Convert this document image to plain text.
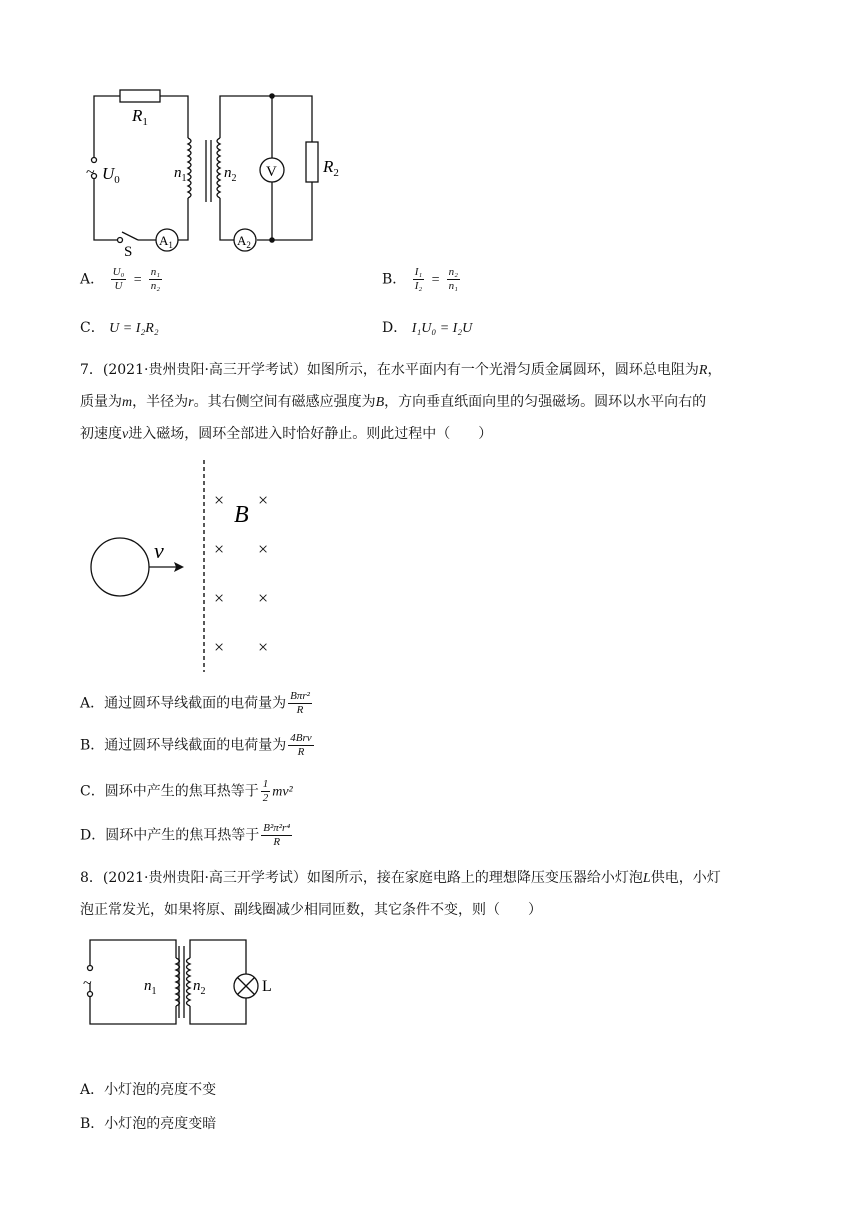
$R_1$
~ $U_0$	$n_1$	$n_2$ V	$R_2$
S
$A_1$	$A_2$
A． $\frac{\text{U₀}}{U} = \frac{\text{n₁}}{\text{n₂}}$	B． $\frac{\text{I₁}}{\text{I₂}} = \frac{\text{n₂}}{\text{n₁}}$
C． U = I₂R₂	D． I₁U₀ = I₂U
7．(2021·贵州贵阳·高三开学考试）如图所示，在水平面内有一个光滑匀质金属圆环，圆环总电阻为R，
质量为m，半径为r。其右侧空间有磁感应强度为B，方向垂直纸面向里的匀强磁场。圆环以水平向右的
初速度v进入磁场，圆环全部进入时恰好静止。则此过程中（　　）
v
B
× ×
× ×
× ×
× ×
A．通过圆环导线截面的电荷量为 $\frac{\text{Bπr²}}{R}$
B．通过圆环导线截面的电荷量为 $\frac{\text{4Brv}}{R}$
C．圆环中产生的焦耳热等于 $\frac{1}{2} mv^2$
D．圆环中产生的焦耳热等于 $\frac{\text{B²π²r⁴}}{R}$
8．(2021·贵州贵阳·高三开学考试）如图所示，接在家庭电路上的理想降压变压器给小灯泡L供电，小灯
泡正常发光，如果将原、副线圈减少相同匝数，其它条件不变，则（　　）
~	$n_1$ $n_2$	L
A．小灯泡的亮度不变
B．小灯泡的亮度变暗
